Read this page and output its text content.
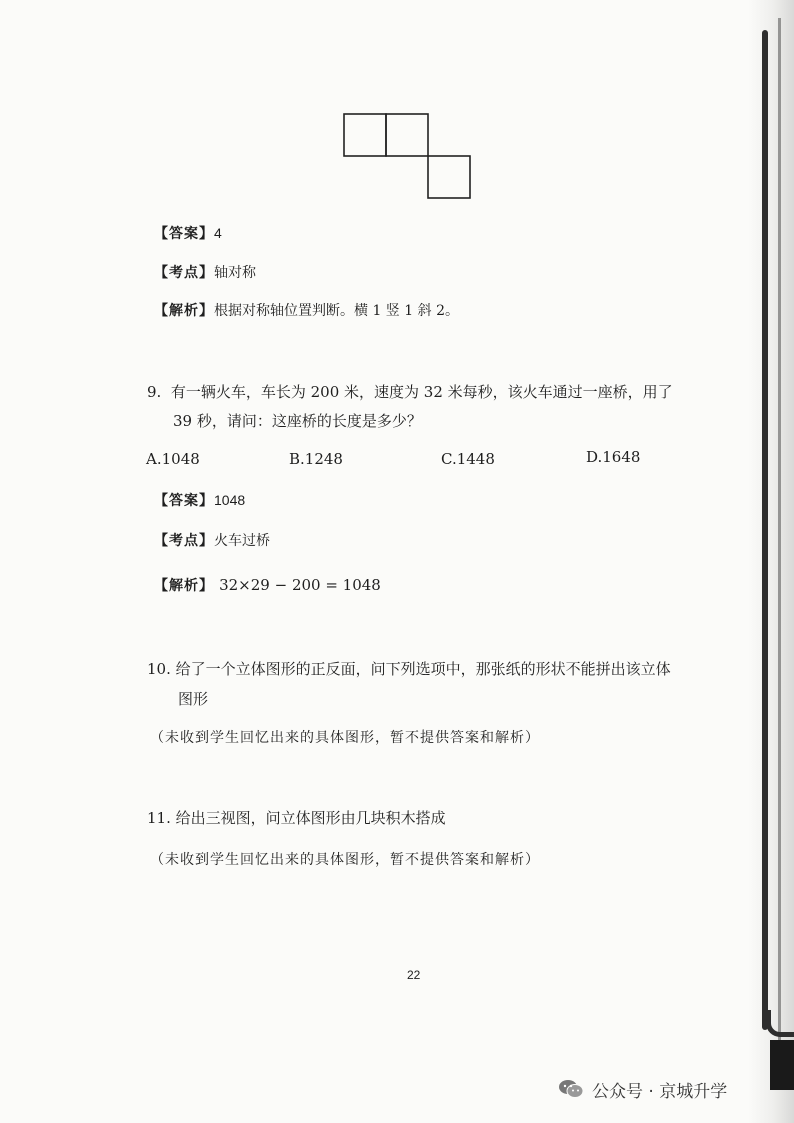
【答案】4
【考点】轴对称
【解析】根据对称轴位置判断。横 1 竖 1 斜 2。
9. 有一辆火车，车长为 200 米，速度为 32 米每秒，该火车通过一座桥，用了
39 秒，请问：这座桥的长度是多少？
A.1048	B.1248	C.1448	D.1648
【答案】1048
【考点】火车过桥
【解析】 32×29 − 200 = 1048
10. 给了一个立体图形的正反面，问下列选项中，那张纸的形状不能拼出该立体
图形
（未收到学生回忆出来的具体图形，暂不提供答案和解析）
11. 给出三视图，问立体图形由几块积木搭成
（未收到学生回忆出来的具体图形，暂不提供答案和解析）
22
公众号 · 京城升学
